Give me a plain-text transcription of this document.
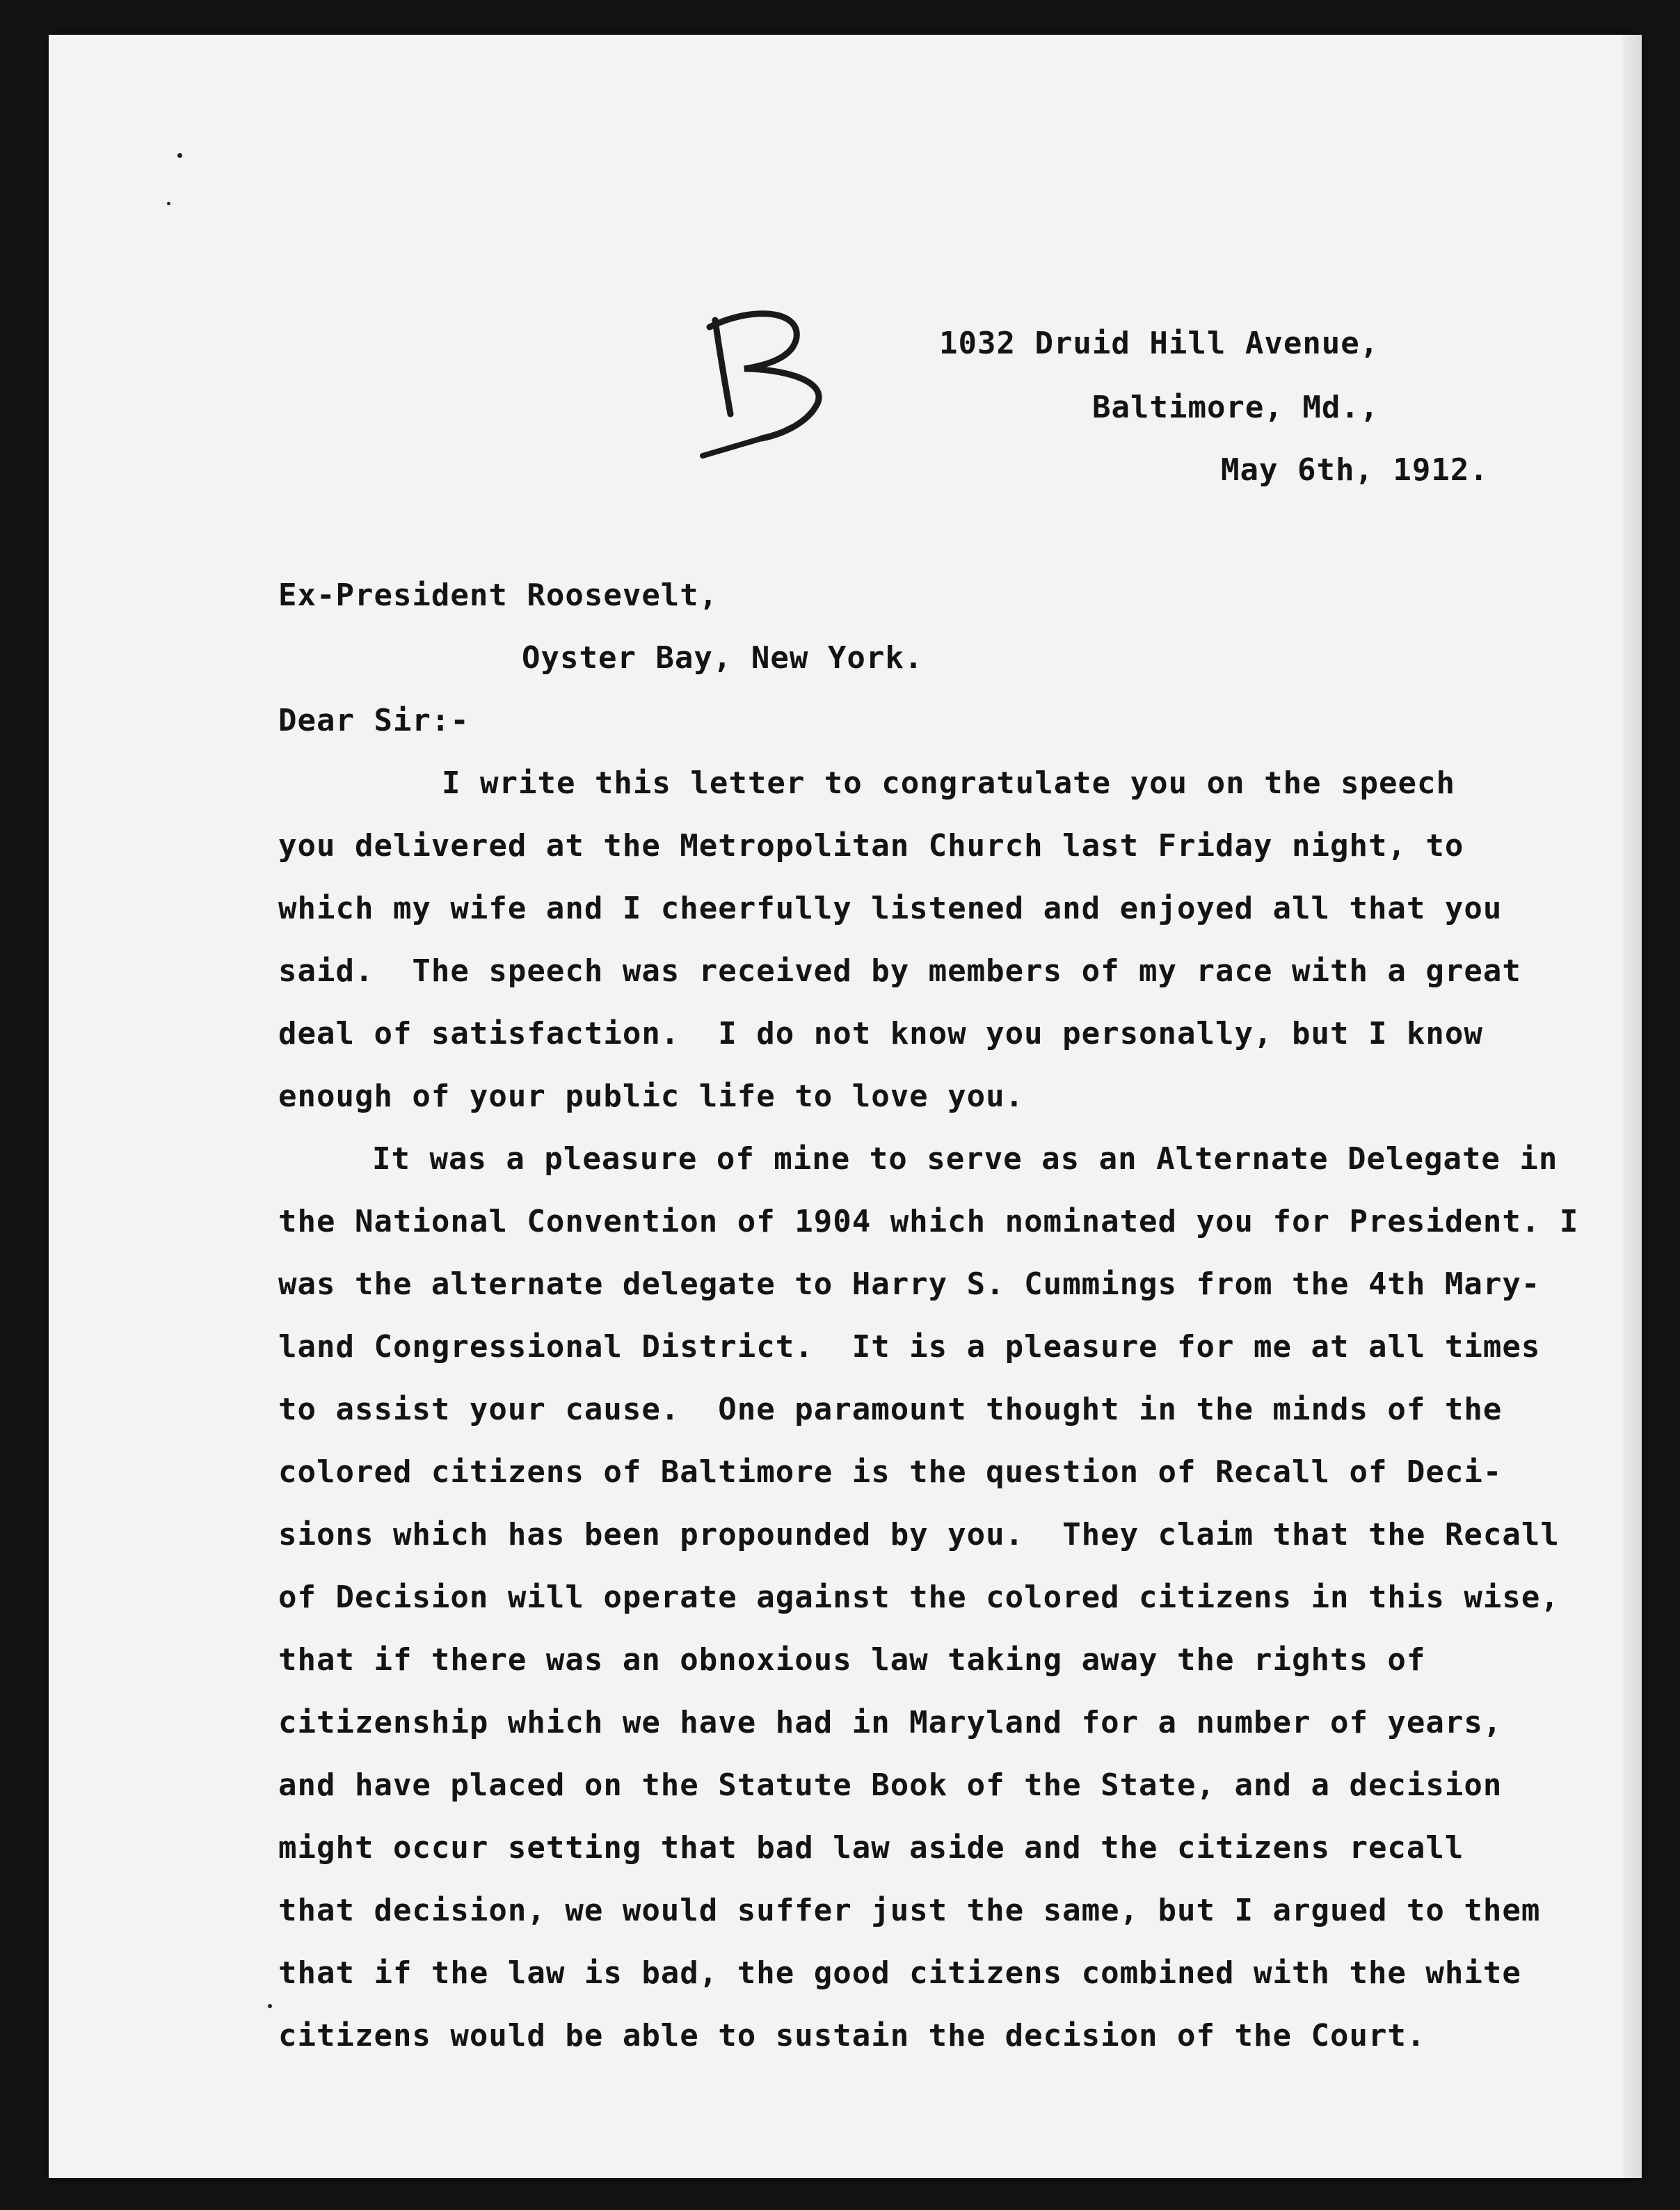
1032 Druid Hill Avenue,
Baltimore, Md.,
May 6th, 1912.
Ex-President Roosevelt,
Oyster Bay, New York.
Dear Sir:-
I write this letter to congratulate you on the speech
you delivered at the Metropolitan Church last Friday night, to
which my wife and I cheerfully listened and enjoyed all that you
said.  The speech was received by members of my race with a great
deal of satisfaction.  I do not know you personally, but I know
enough of your public life to love you.
It was a pleasure of mine to serve as an Alternate Delegate in
the National Convention of 1904 which nominated you for President. I
was the alternate delegate to Harry S. Cummings from the 4th Mary-
land Congressional District.  It is a pleasure for me at all times
to assist your cause.  One paramount thought in the minds of the
colored citizens of Baltimore is the question of Recall of Deci-
sions which has been propounded by you.  They claim that the Recall
of Decision will operate against the colored citizens in this wise,
that if there was an obnoxious law taking away the rights of
citizenship which we have had in Maryland for a number of years,
and have placed on the Statute Book of the State, and a decision
might occur setting that bad law aside and the citizens recall
that decision, we would suffer just the same, but I argued to them
that if the law is bad, the good citizens combined with the white
citizens would be able to sustain the decision of the Court.
